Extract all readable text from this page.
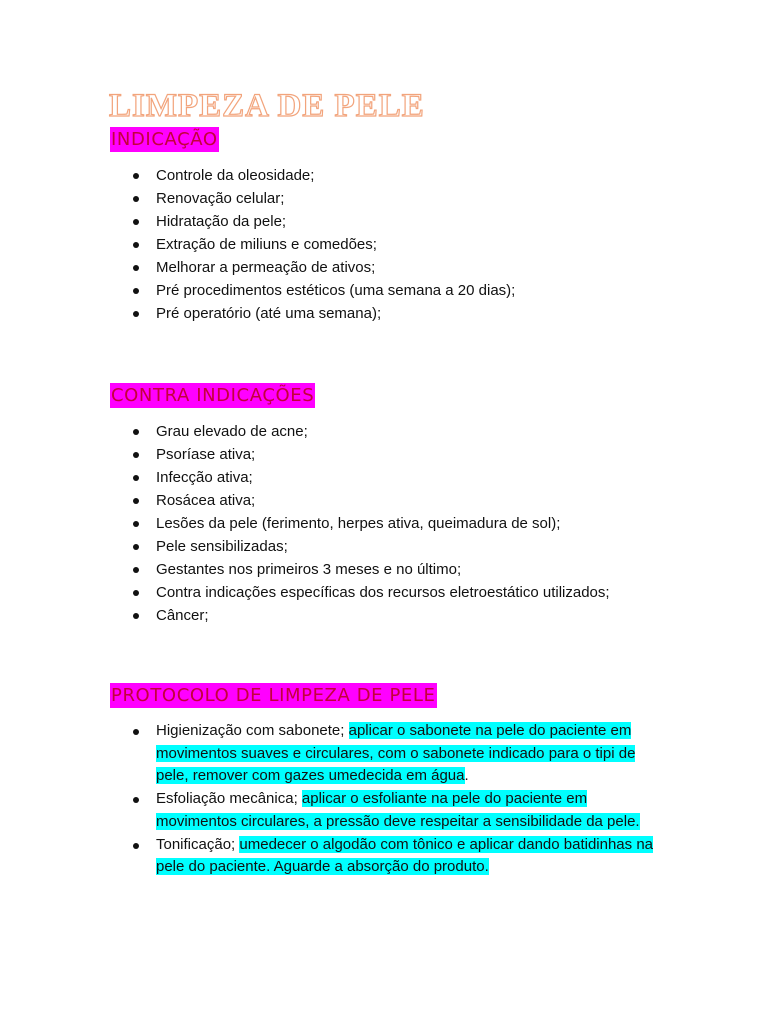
LIMPEZA DE PELE
INDICAÇÃO
Controle da oleosidade;
Renovação celular;
Hidratação da pele;
Extração de miliuns e comedões;
Melhorar a permeação de ativos;
Pré procedimentos estéticos (uma semana a 20 dias);
Pré operatório (até uma semana);
CONTRA INDICAÇÕES
Grau elevado de acne;
Psoríase ativa;
Infecção ativa;
Rosácea ativa;
Lesões da pele (ferimento, herpes ativa, queimadura de sol);
Pele sensibilizadas;
Gestantes nos primeiros 3 meses e no último;
Contra indicações específicas dos recursos eletroestático utilizados;
Câncer;
PROTOCOLO DE LIMPEZA DE PELE
Higienização com sabonete; aplicar o sabonete na pele do paciente em movimentos suaves e circulares, com o sabonete indicado para o tipi de pele, remover com gazes umedecida em água.
Esfoliação mecânica; aplicar o esfoliante na pele do paciente em movimentos circulares, a pressão deve respeitar a sensibilidade da pele.
Tonificação; umedecer o algodão com tônico e aplicar dando batidinhas na pele do paciente. Aguarde a absorção do produto.
